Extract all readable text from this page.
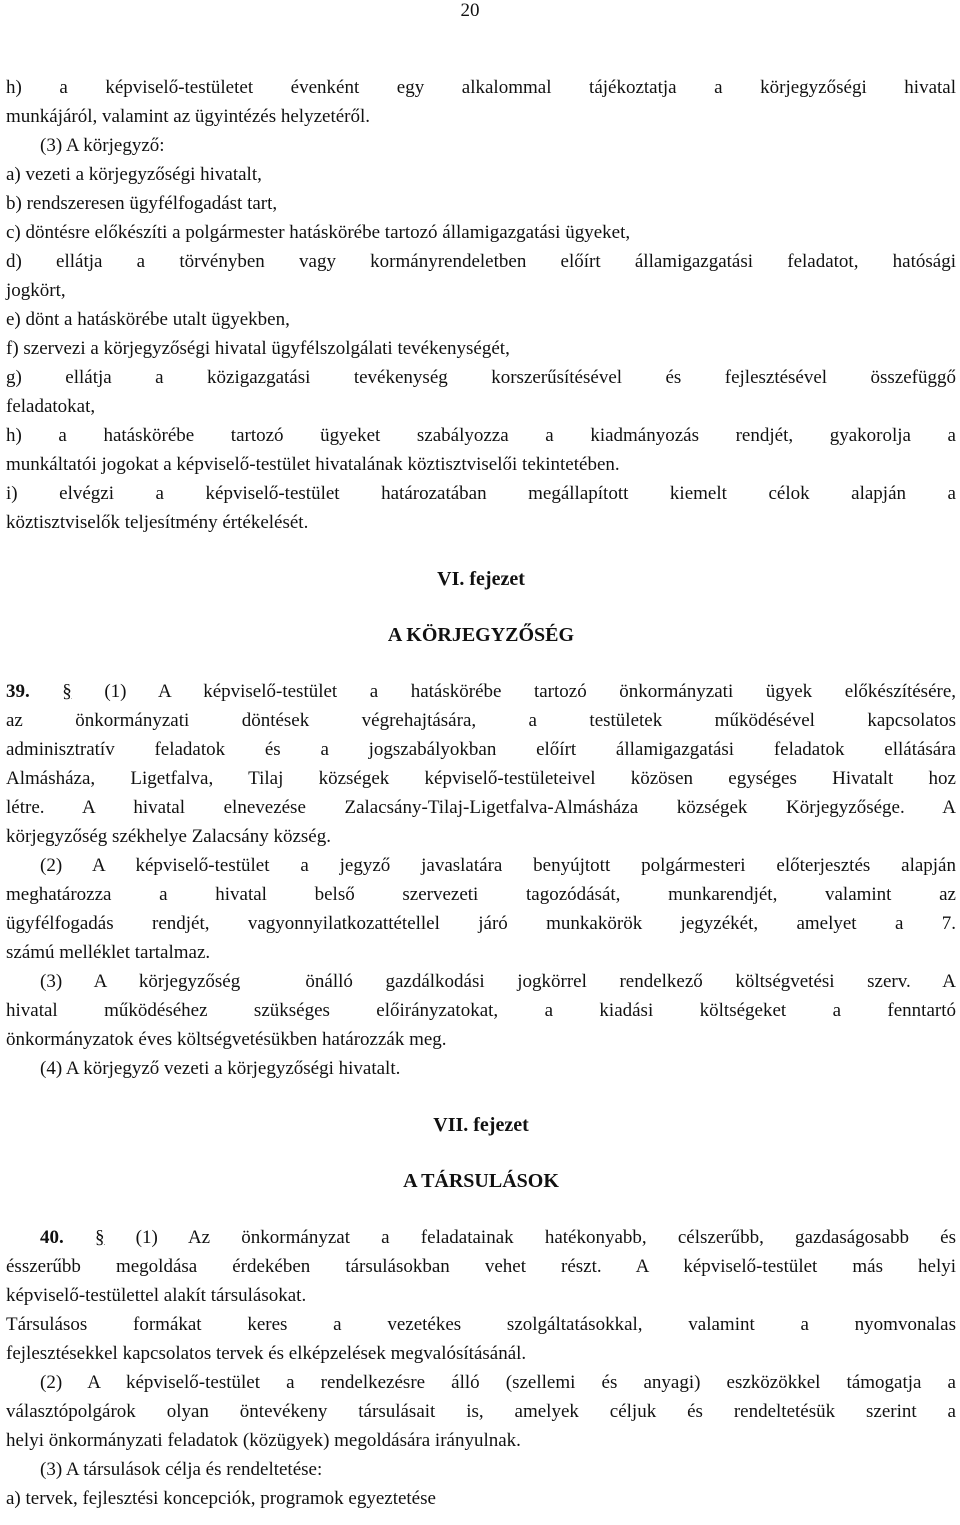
20
h) a képviselő-testületet évenként egy alkalommal tájékoztatja a körjegyzőségi hivatal
munkájáról, valamint az ügyintézés helyzetéről.
(3) A körjegyző:
a) vezeti a körjegyzőségi hivatalt,
b) rendszeresen ügyfélfogadást tart,
c) döntésre előkészíti a polgármester hatáskörébe tartozó államigazgatási ügyeket,
d) ellátja a törvényben vagy kormányrendeletben előírt államigazgatási feladatot, hatósági
jogkört,
e) dönt a hatáskörébe utalt ügyekben,
f) szervezi a körjegyzőségi hivatal ügyfélszolgálati tevékenységét,
g) ellátja a közigazgatási tevékenység korszerűsítésével és fejlesztésével összefüggő
feladatokat,
h) a hatáskörébe tartozó ügyeket szabályozza a kiadmányozás rendjét, gyakorolja a
munkáltatói jogokat a képviselő-testület hivatalának köztisztviselői tekintetében.
i) elvégzi a képviselő-testület határozatában megállapított kiemelt célok alapján a
köztisztviselők teljesítmény értékelését.
VI. fejezet
A KÖRJEGYZŐSÉG
39. § (1) A képviselő-testület a hatáskörébe tartozó önkormányzati ügyek előkészítésére,
az önkormányzati döntések végrehajtására, a testületek működésével kapcsolatos
adminisztratív feladatok és a jogszabályokban előírt államigazgatási feladatok ellátására
Almásháza, Ligetfalva, Tilaj községek képviselő-testületeivel közösen egységes Hivatalt hoz
létre. A hivatal elnevezése Zalacsány-Tilaj-Ligetfalva-Almásháza községek Körjegyzősége. A
körjegyzőség székhelye Zalacsány község.
(2) A képviselő-testület a jegyző javaslatára benyújtott polgármesteri előterjesztés alapján
meghatározza a hivatal belső szervezeti tagozódását, munkarendjét, valamint az
ügyfélfogadás rendjét, vagyonnyilatkozattétellel járó munkakörök jegyzékét, amelyet a 7.
számú melléklet tartalmaz.
(3) A körjegyzőség  önálló gazdálkodási jogkörrel rendelkező költségvetési szerv. A
hivatal működéséhez szükséges előirányzatokat, a kiadási költségeket a fenntartó
önkormányzatok éves költségvetésükben határozzák meg.
(4) A körjegyző vezeti a körjegyzőségi hivatalt.
VII. fejezet
A TÁRSULÁSOK
40. § (1) Az önkormányzat a feladatainak hatékonyabb, célszerűbb, gazdaságosabb és
ésszerűbb megoldása érdekében társulásokban vehet részt. A képviselő-testület más helyi
képviselő-testülettel alakít társulásokat.
Társulásos formákat keres a vezetékes szolgáltatásokkal, valamint a nyomvonalas
fejlesztésekkel kapcsolatos tervek és elképzelések megvalósításánál.
(2) A képviselő-testület a rendelkezésre álló (szellemi és anyagi) eszközökkel támogatja a
választópolgárok olyan öntevékeny társulásait is, amelyek céljuk és rendeltetésük szerint a
helyi önkormányzati feladatok (közügyek) megoldására irányulnak.
(3) A társulások célja és rendeltetése:
a) tervek, fejlesztési koncepciók, programok egyeztetése
